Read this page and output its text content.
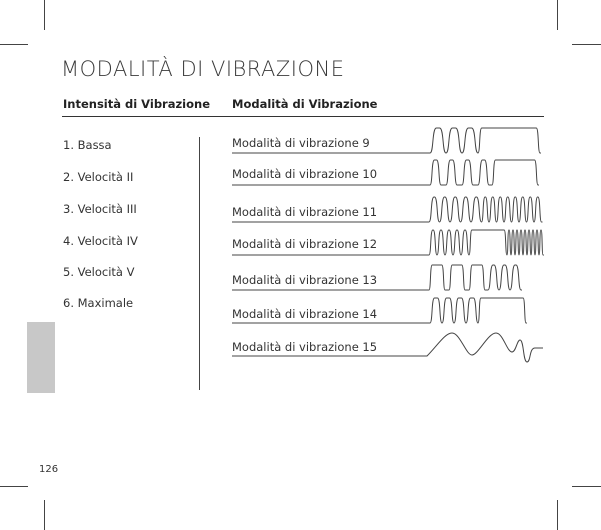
MODALITÀ DI VIBRAZIONE
Intensità di Vibrazione Modalità di Vibrazione
1. Bassa
2. Velocità II
3. Velocità III
4. Velocità IV
5. Velocità V
6. Maximale
Modalità di vibrazione 9
Modalità di vibrazione 10
Modalità di vibrazione 11
Modalità di vibrazione 12
Modalità di vibrazione 13
Modalità di vibrazione 14
Modalità di vibrazione 15
126
